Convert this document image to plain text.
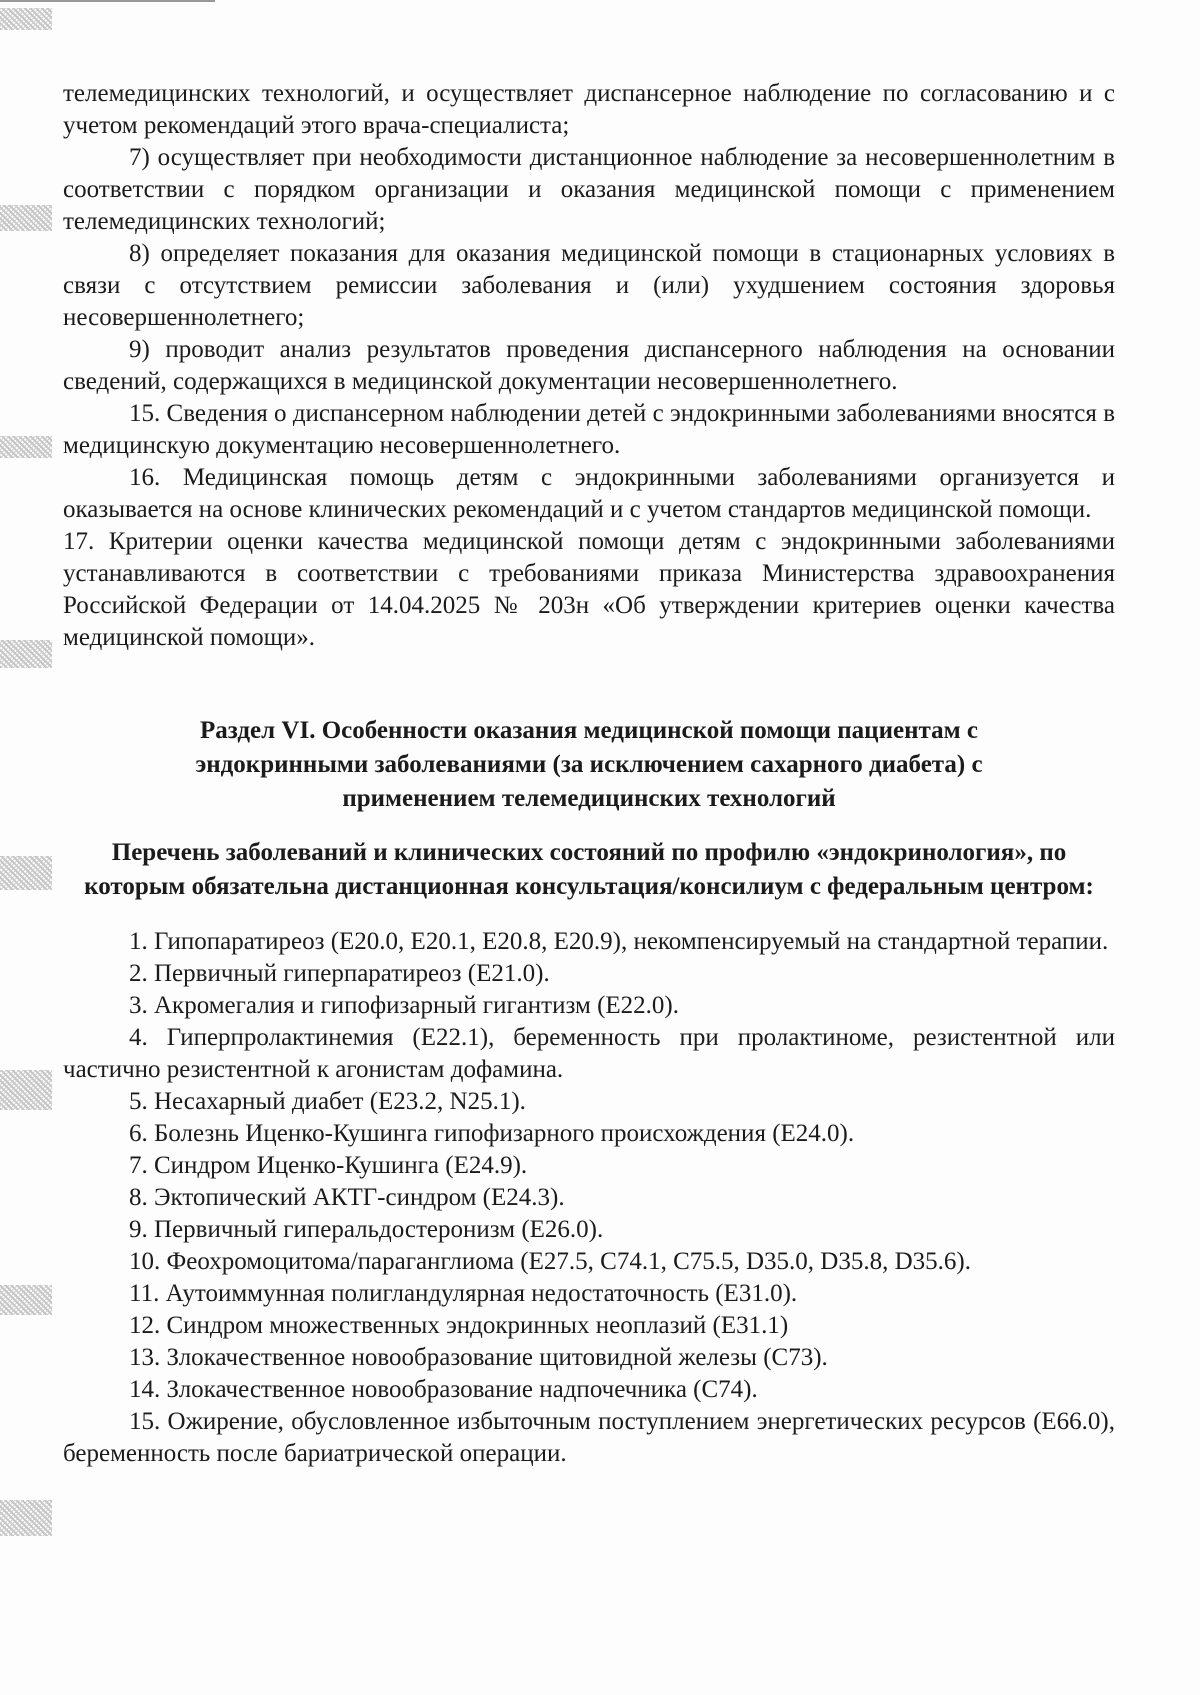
телемедицинских технологий, и осуществляет диспансерное наблюдение по согласованию и с учетом рекомендаций этого врача-специалиста;

7) осуществляет при необходимости дистанционное наблюдение за несовершеннолетним в соответствии с порядком организации и оказания медицинской помощи с применением телемедицинских технологий;

8) определяет показания для оказания медицинской помощи в стационарных условиях в связи с отсутствием ремиссии заболевания и (или) ухудшением состояния здоровья несовершеннолетнего;

9) проводит анализ результатов проведения диспансерного наблюдения на основании сведений, содержащихся в медицинской документации несовершеннолетнего.

15. Сведения о диспансерном наблюдении детей с эндокринными заболеваниями вносятся в медицинскую документацию несовершеннолетнего.

16. Медицинская помощь детям с эндокринными заболеваниями организуется и оказывается на основе клинических рекомендаций и с учетом стандартов медицинской помощи.

17. Критерии оценки качества медицинской помощи детям с эндокринными заболеваниями устанавливаются в соответствии с требованиями приказа Министерства здравоохранения Российской Федерации от 14.04.2025 № 203н «Об утверждении критериев оценки качества медицинской помощи».

Раздел VI. Особенности оказания медицинской помощи пациентам с эндокринными заболеваниями (за исключением сахарного диабета) с применением телемедицинских технологий
Перечень заболеваний и клинических состояний по профилю «эндокринология», по которым обязательна дистанционная консультация/консилиум с федеральным центром:

1. Гипопаратиреоз (E20.0, E20.1, E20.8, E20.9), некомпенсируемый на стандартной терапии.

2. Первичный гиперпаратиреоз (E21.0).

3. Акромегалия и гипофизарный гигантизм (E22.0).

4. Гиперпролактинемия (E22.1), беременность при пролактиноме, резистентной или частично резистентной к агонистам дофамина.

5. Несахарный диабет (E23.2, N25.1).

6. Болезнь Иценко-Кушинга гипофизарного происхождения (E24.0).

7. Синдром Иценко-Кушинга (E24.9).

8. Эктопический АКТГ-синдром (E24.3).

9. Первичный гиперальдостеронизм (E26.0).

10. Феохромоцитома/параганглиома (E27.5, C74.1, C75.5, D35.0, D35.8, D35.6).

11. Аутоиммунная полигландулярная недостаточность (E31.0).

12. Синдром множественных эндокринных неоплазий (E31.1)

13. Злокачественное новообразование щитовидной железы (C73).

14. Злокачественное новообразование надпочечника (C74).

15. Ожирение, обусловленное избыточным поступлением энергетических ресурсов (E66.0), беременность после бариатрической операции.
